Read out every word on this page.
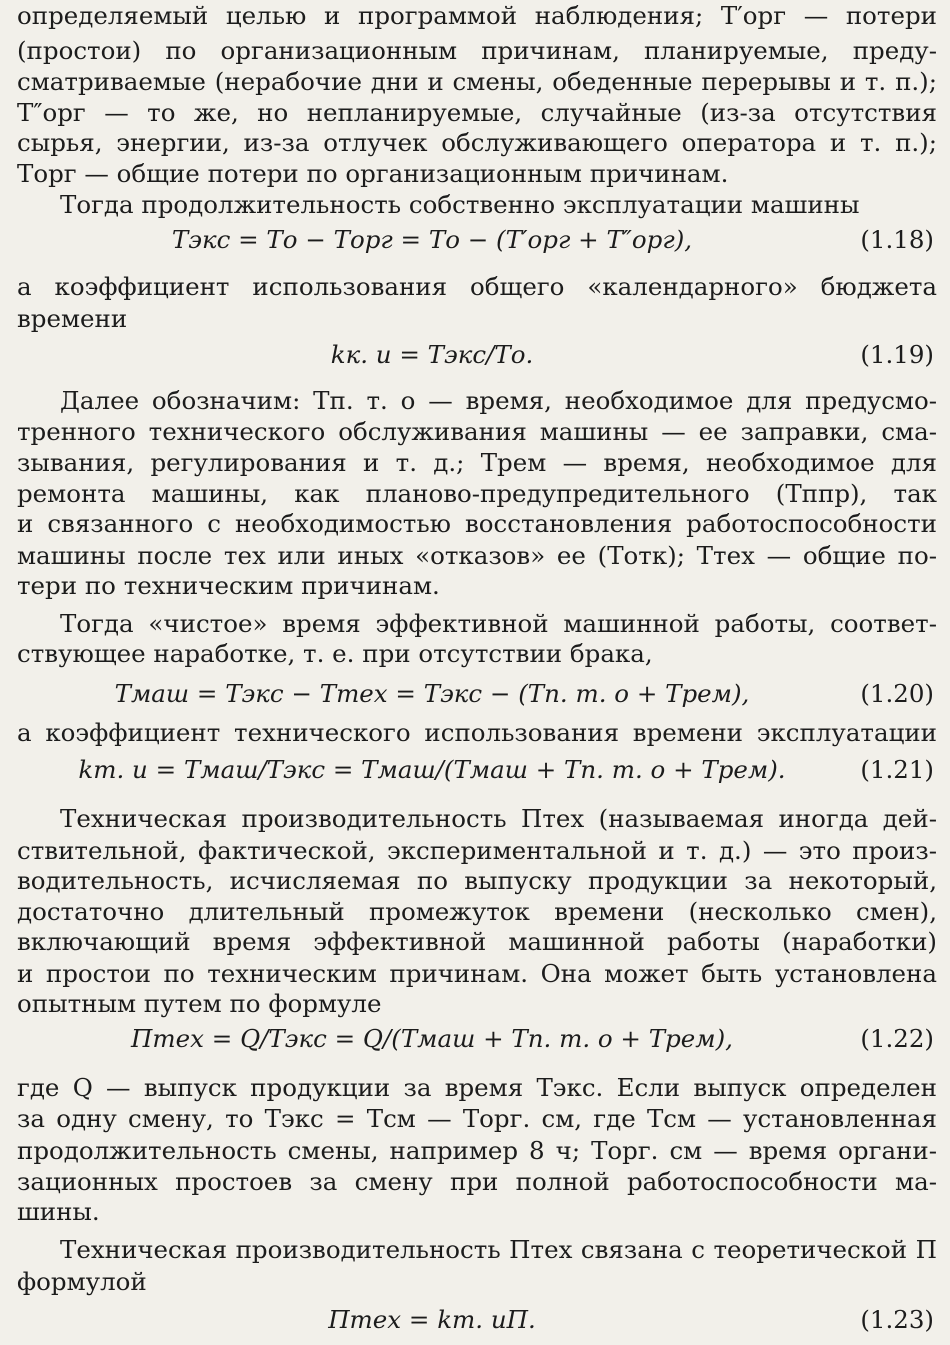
определяемый целью и программой наблюдения; T′орг — потери
(простои) по организационным причинам, планируемые, преду-
сматриваемые (нерабочие дни и смены, обеденные перерывы и т. п.);
T″орг — то же, но непланируемые, случайные (из-за отсутствия
сырья, энергии, из-за отлучек обслуживающего оператора и т. п.);
Tорг — общие потери по организационным причинам.
Тогда продолжительность собственно эксплуатации машины
Tэкс = Tо − Tорг = Tо − (T′орг + T″орг),	(1.18)
а коэффициент использования общего «календарного» бюджета
времени
kк. и = Tэкс/Tо.	(1.19)
Далее обозначим: Tп. т. о — время, необходимое для предусмо-
тренного технического обслуживания машины — ее заправки, сма-
зывания, регулирования и т. д.; Tрем — время, необходимое для
ремонта машины, как планово-предупредительного (Tппр), так
и связанного с необходимостью восстановления работоспособности
машины после тех или иных «отказов» ее (Tотк); Tтех — общие по-
тери по техническим причинам.
Тогда «чистое» время эффективной машинной работы, соответ-
ствующее наработке, т. е. при отсутствии брака,
Tмаш = Tэкс − Tтех = Tэкс − (Tп. т. о + Tрем),	(1.20)
а коэффициент технического использования времени эксплуатации
kт. и = Tмаш/Tэкс = Tмаш/(Tмаш + Tп. т. о + Tрем).	(1.21)
Техническая производительность Птех (называемая иногда дей-
ствительной, фактической, экспериментальной и т. д.) — это произ-
водительность, исчисляемая по выпуску продукции за некоторый,
достаточно длительный промежуток времени (несколько смен),
включающий время эффективной машинной работы (наработки)
и простои по техническим причинам. Она может быть установлена
опытным путем по формуле
Птех = Q/Tэкс = Q/(Tмаш + Tп. т. о + Tрем),	(1.22)
где Q — выпуск продукции за время Tэкс. Если выпуск определен
за одну смену, то Tэкс = Tсм — Tорг. см, где Tсм — установленная
продолжительность смены, например 8 ч; Tорг. см — время органи-
зационных простоев за смену при полной работоспособности ма-
шины.
Техническая производительность Птех связана с теоретической П
формулой
Птех = kт. иП.	(1.23)
